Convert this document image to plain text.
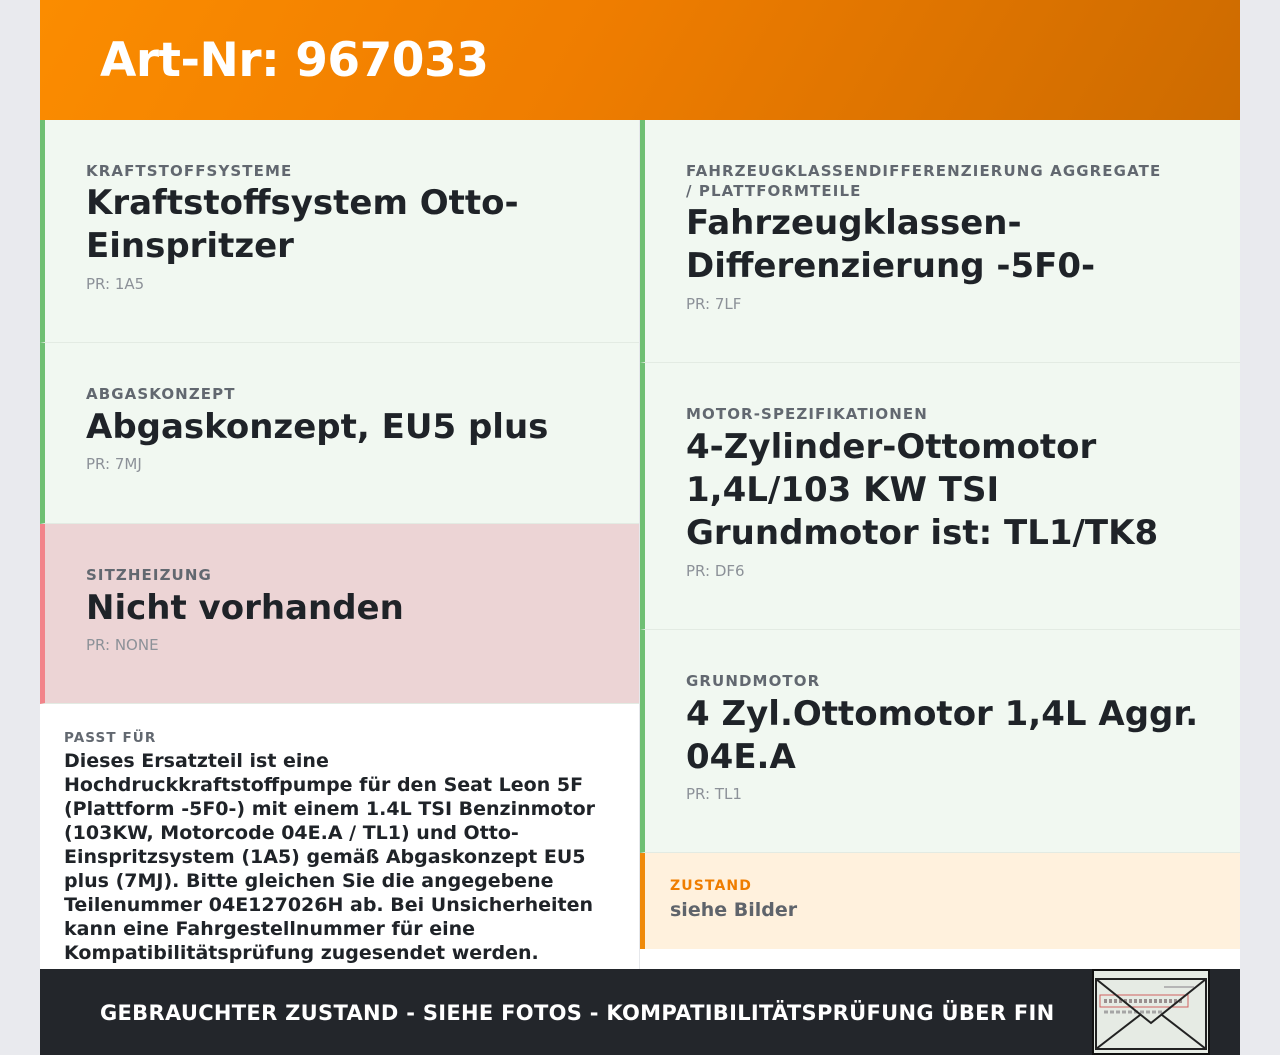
Art-Nr: 967033
KRAFTSTOFFSYSTEME
Kraftstoffsystem Otto-Einspritzer
PR: 1A5
ABGASKONZEPT
Abgaskonzept, EU5 plus
PR: 7MJ
SITZHEIZUNG
Nicht vorhanden
PR: NONE
PASST FÜR

Dieses Ersatzteil ist eine Hochdruckkraftstoffpumpe für den Seat Leon 5F (Plattform -5F0-) mit einem 1.4L TSI Benzinmotor (103KW, Motorcode 04E.A / TL1) und Otto-Einspritzsystem (1A5) gemäß Abgaskonzept EU5 plus (7MJ). Bitte gleichen Sie die angegebene Teilenummer 04E127026H ab. Bei Unsicherheiten kann eine Fahrgestellnummer für eine Kompatibilitätsprüfung zugesendet werden.

FAHRZEUGKLASSENDIFFERENZIERUNG AGGREGATE / PLATTFORMTEILE
Fahrzeugklassen-Differenzierung -5F0-
PR: 7LF
MOTOR-SPEZIFIKATIONEN
4-Zylinder-Ottomotor 1,4L/103 KW TSI Grundmotor ist: TL1/TK8
PR: DF6
GRUNDMOTOR
4 Zyl.Ottomotor 1,4L Aggr. 04E.A
PR: TL1
ZUSTAND
siehe Bilder
GEBRAUCHTER ZUSTAND - SIEHE FOTOS - KOMPATIBILITÄTSPRÜFUNG ÜBER FIN
